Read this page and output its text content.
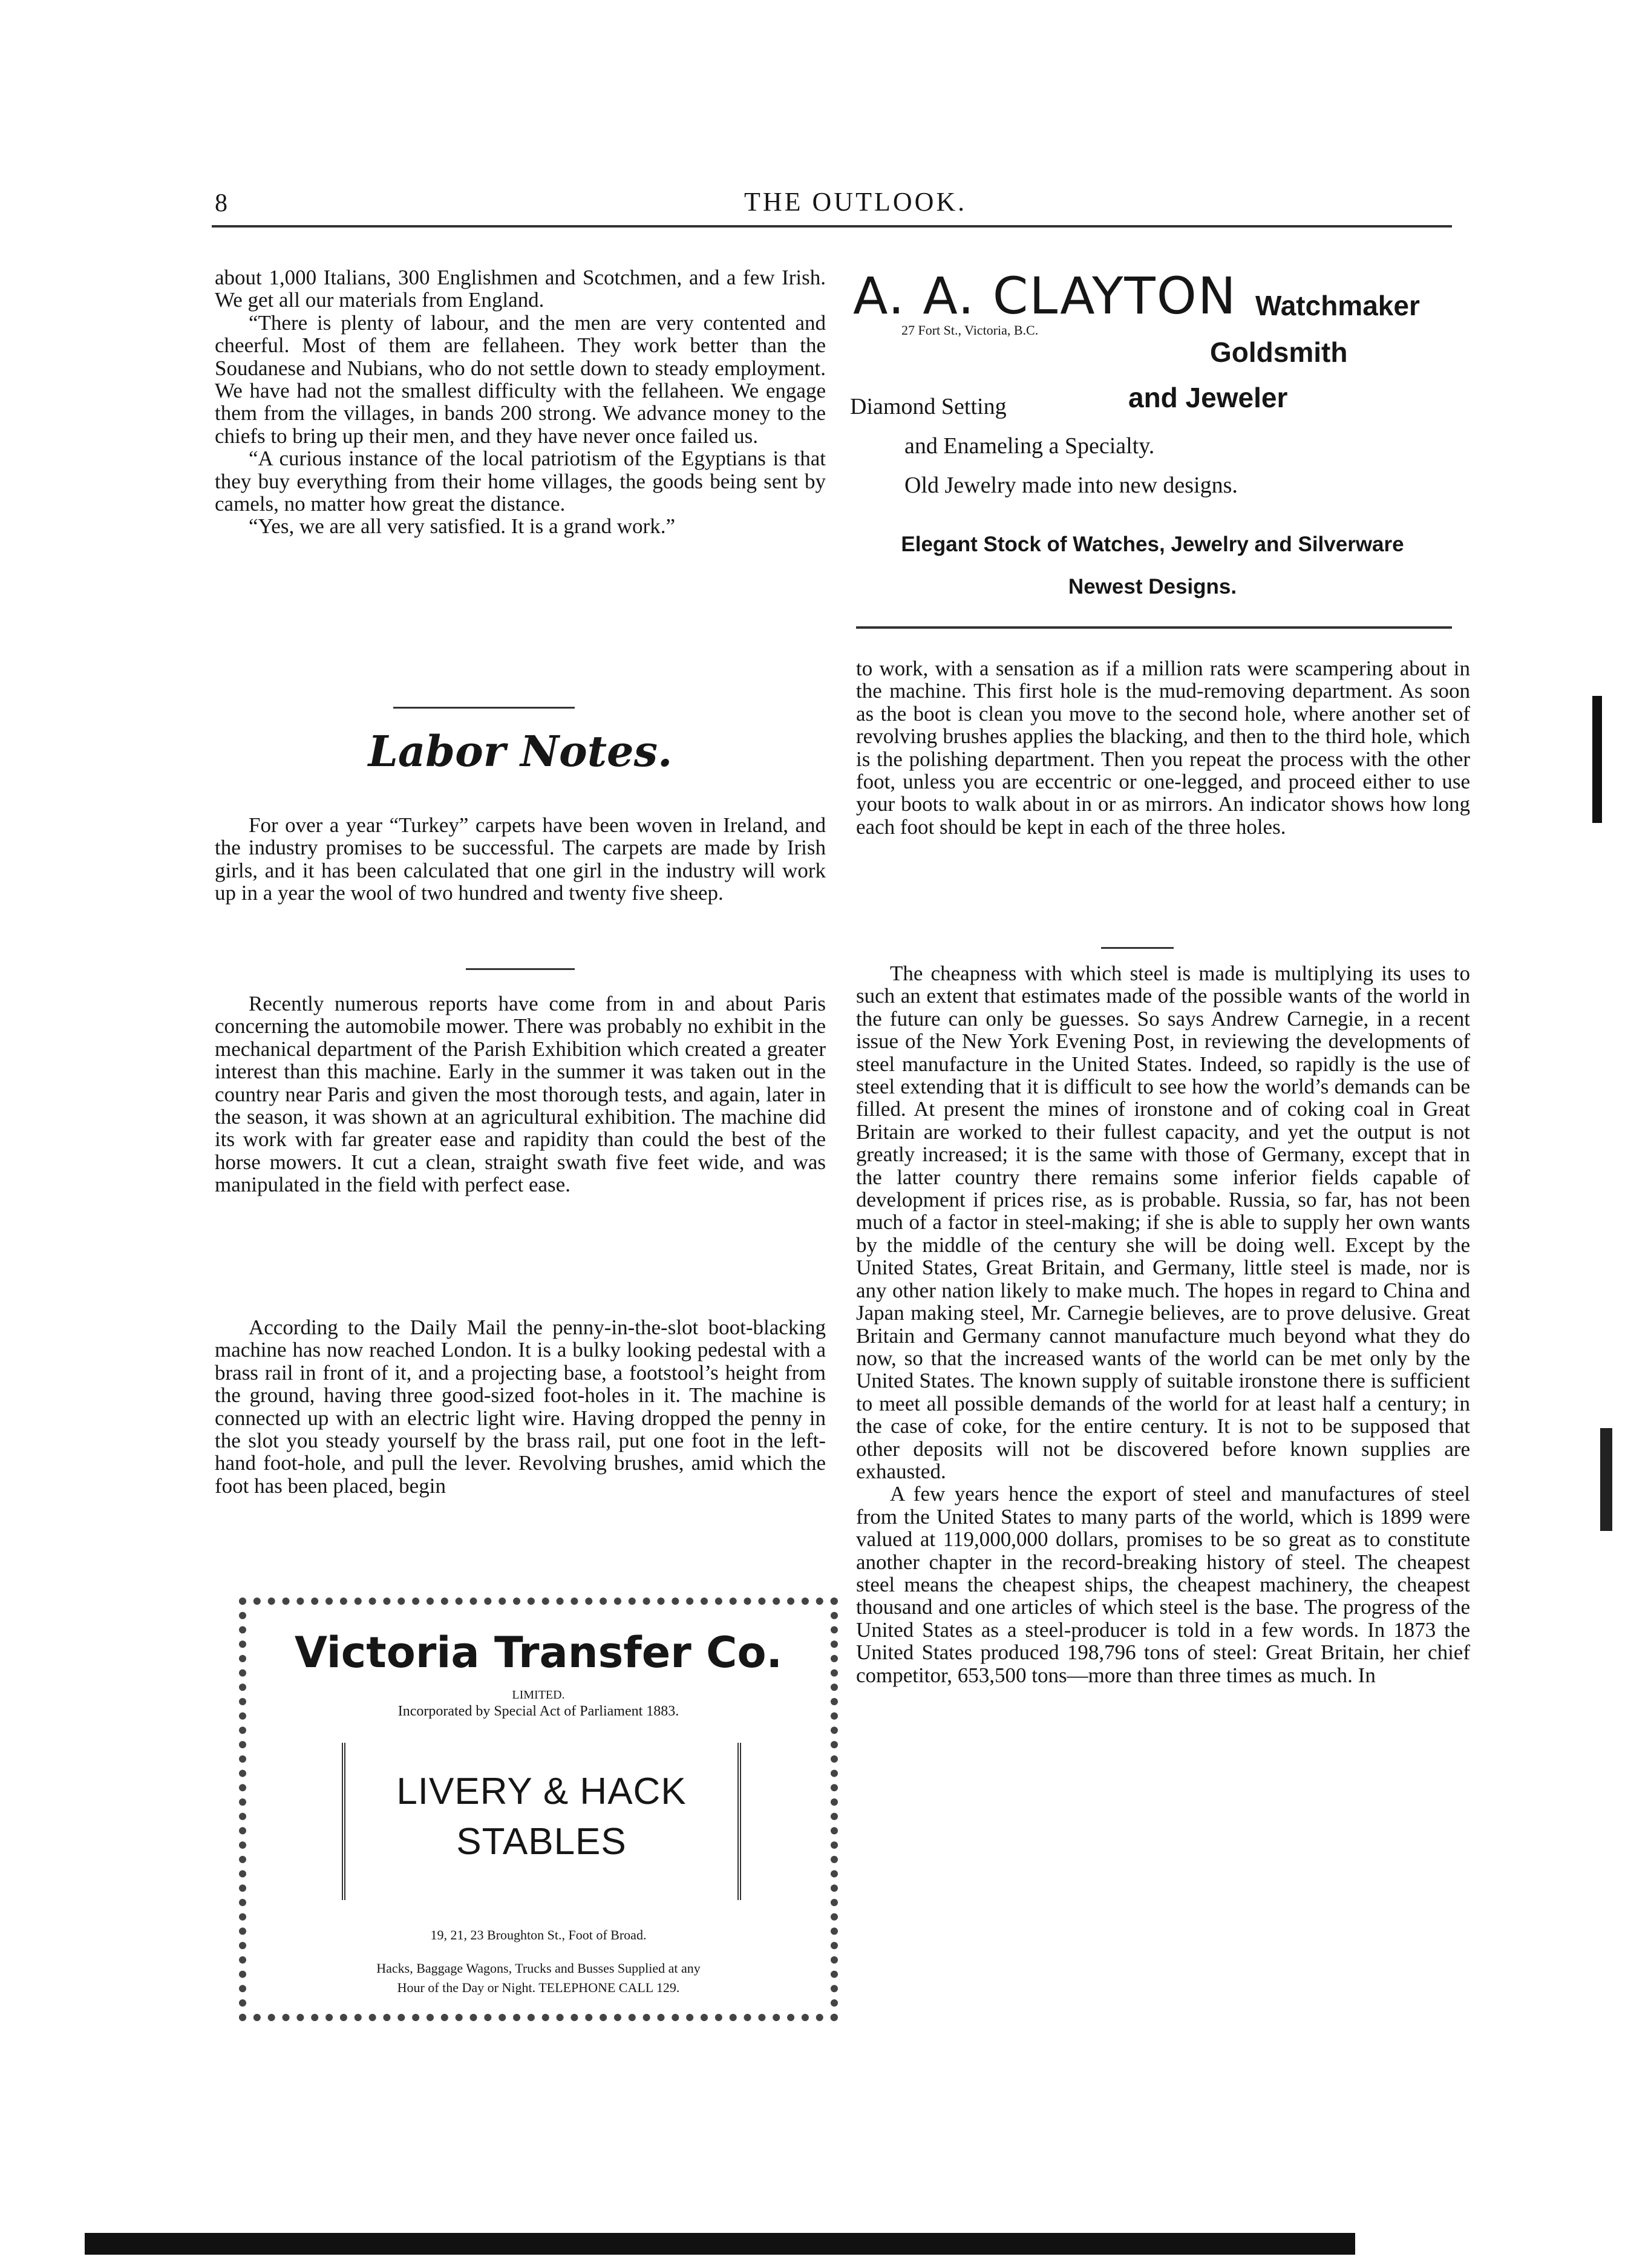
8	THE OUTLOOK.

about 1,000 Italians, 300 Englishmen and Scotchmen, and a few Irish. We get all our materials from England.

“There is plenty of labour, and the men are very contented and cheerful. Most of them are fellaheen. They work better than the Soudanese and Nubians, who do not settle down to steady employment. We have had not the smallest difficulty with the fellaheen. We engage them from the villages, in bands 200 strong. We advance money to the chiefs to bring up their men, and they have never once failed us.

“A curious instance of the local patriotism of the Egyptians is that they buy everything from their home villages, the goods being sent by camels, no matter how great the distance.

“Yes, we are all very satisfied. It is a grand work.”

Labor Notes.

For over a year “Turkey” carpets have been woven in Ireland, and the industry promises to be successful. The carpets are made by Irish girls, and it has been calculated that one girl in the industry will work up in a year the wool of two hundred and twenty five sheep.

Recently numerous reports have come from in and about Paris concerning the automobile mower. There was probably no exhibit in the mechanical department of the Parish Exhibition which created a greater interest than this machine. Early in the summer it was taken out in the country near Paris and given the most thorough tests, and again, later in the season, it was shown at an agricultural exhibition. The machine did its work with far greater ease and rapidity than could the best of the horse mowers. It cut a clean, straight swath five feet wide, and was manipulated in the field with perfect ease.

According to the Daily Mail the penny-in-the-slot boot-blacking machine has now reached London. It is a bulky looking pedestal with a brass rail in front of it, and a projecting base, a footstool’s height from the ground, having three good-sized foot-holes in it. The machine is connected up with an electric light wire. Having dropped the penny in the slot you steady yourself by the brass rail, put one foot in the left-hand foot-hole, and pull the lever. Revolving brushes, amid which the foot has been placed, begin

A. A. CLAYTON
27 Fort St., Victoria, B.C.
Watchmaker
Goldsmith
and Jeweler
Diamond Setting
and Enameling a Specialty.
Old Jewelry made into new designs.
Elegant Stock of Watches, Jewelry and Silverware
Newest Designs.

to work, with a sensation as if a million rats were scampering about in the machine. This first hole is the mud-removing department. As soon as the boot is clean you move to the second hole, where another set of revolving brushes applies the blacking, and then to the third hole, which is the polishing department. Then you repeat the process with the other foot, unless you are eccentric or one-legged, and proceed either to use your boots to walk about in or as mirrors. An indicator shows how long each foot should be kept in each of the three holes.

The cheapness with which steel is made is multiplying its uses to such an extent that estimates made of the possible wants of the world in the future can only be guesses. So says Andrew Carnegie, in a recent issue of the New York Evening Post, in reviewing the developments of steel manufacture in the United States. Indeed, so rapidly is the use of steel extending that it is difficult to see how the world’s demands can be filled. At present the mines of ironstone and of coking coal in Great Britain are worked to their fullest capacity, and yet the output is not greatly increased; it is the same with those of Germany, except that in the latter country there remains some inferior fields capable of development if prices rise, as is probable. Russia, so far, has not been much of a factor in steel-making; if she is able to supply her own wants by the middle of the century she will be doing well. Except by the United States, Great Britain, and Germany, little steel is made, nor is any other nation likely to make much. The hopes in regard to China and Japan making steel, Mr. Carnegie believes, are to prove delusive. Great Britain and Germany cannot manufacture much beyond what they do now, so that the increased wants of the world can be met only by the United States. The known supply of suitable ironstone there is sufficient to meet all possible demands of the world for at least half a century; in the case of coke, for the entire century. It is not to be supposed that other deposits will not be discovered before known supplies are exhausted.

A few years hence the export of steel and manufactures of steel from the United States to many parts of the world, which is 1899 were valued at 119,000,000 dollars, promises to be so great as to constitute another chapter in the record-breaking history of steel. The cheapest steel means the cheapest ships, the cheapest machinery, the cheapest thousand and one articles of which steel is the base. The progress of the United States as a steel-producer is told in a few words. In 1873 the United States produced 198,796 tons of steel: Great Britain, her chief competitor, 653,500 tons—more than three times as much. In

Victoria Transfer Co.
LIMITED.
Incorporated by Special Act of Parliament 1883.
LIVERY & HACK
STABLES
19, 21, 23 Broughton St., Foot of Broad.
Hacks, Baggage Wagons, Trucks and Busses Supplied at any
Hour of the Day or Night. TELEPHONE CALL 129.
